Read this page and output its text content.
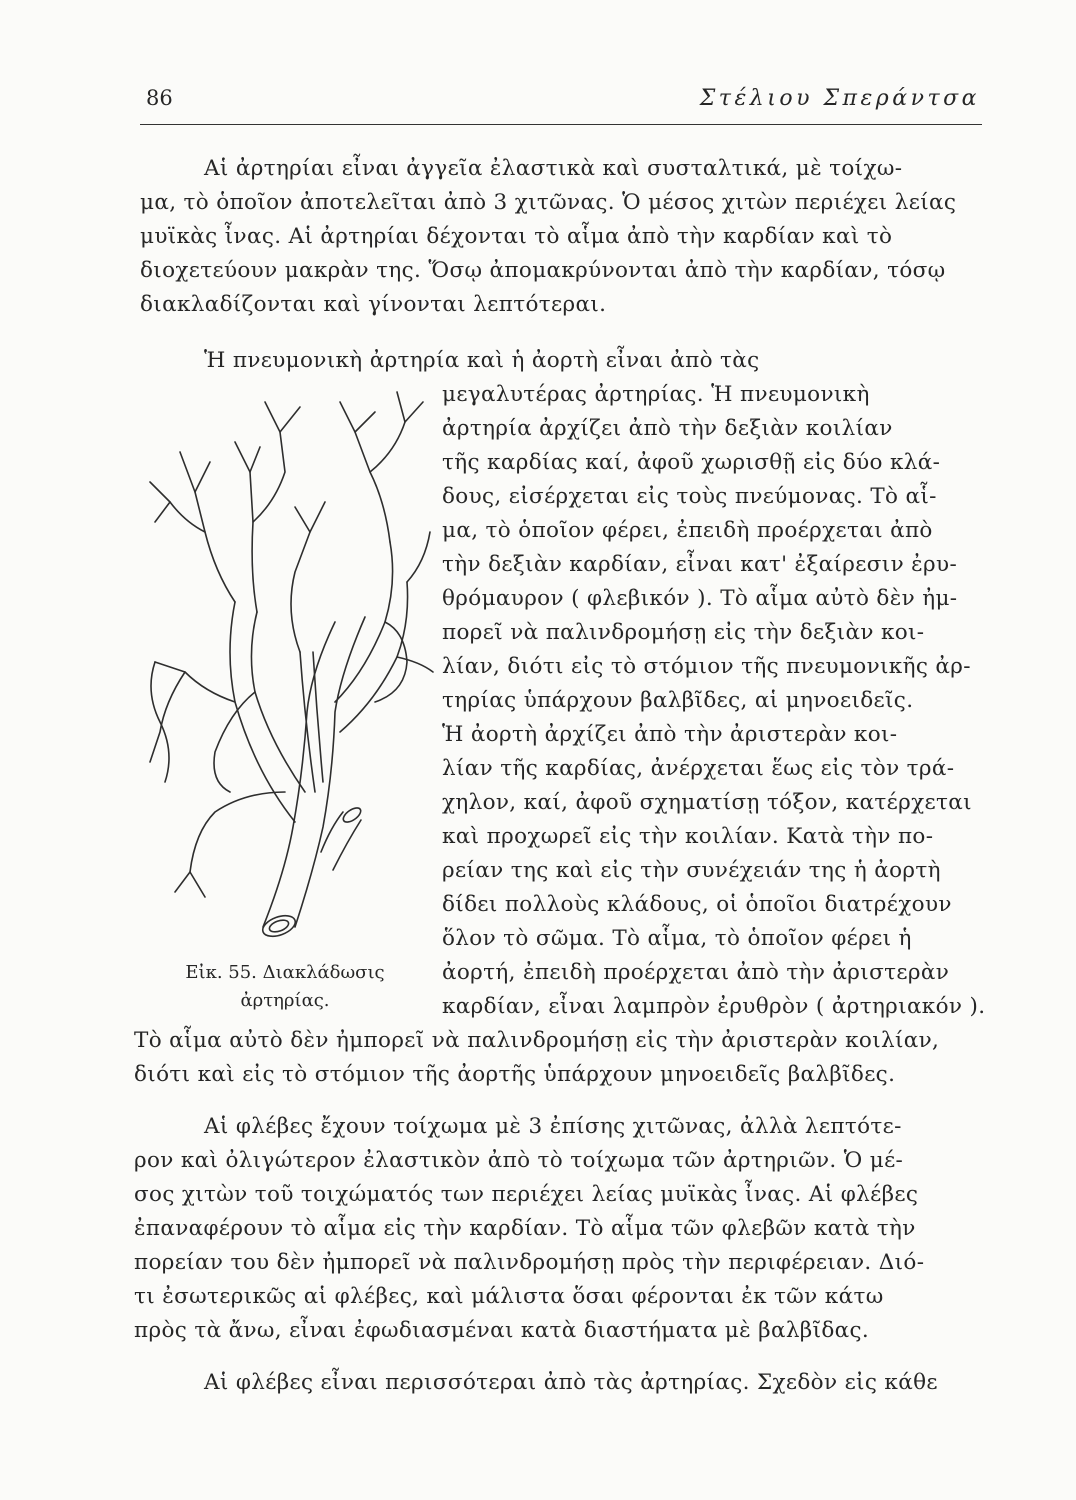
86	Στέλιου Σπεράντσα
Αἱ ἀρτηρίαι εἶναι ἀγγεῖα ἐλαστικὰ καὶ συσταλτικά, μὲ τοίχω-
μα, τὸ ὁποῖον ἀποτελεῖται ἀπὸ 3 χιτῶνας. Ὁ μέσος χιτὼν περιέχει λείας
μυϊκὰς ἶνας. Αἱ ἀρτηρίαι δέχονται τὸ αἷμα ἀπὸ τὴν καρδίαν καὶ τὸ
διοχετεύουν μακρὰν της. Ὅσῳ ἀπομακρύνονται ἀπὸ τὴν καρδίαν, τόσῳ
διακλαδίζονται καὶ γίνονται λεπτότεραι.
Ἡ πνευμονικὴ ἀρτηρία καὶ ἡ ἀορτὴ εἶναι ἀπὸ τὰς
μεγαλυτέρας ἀρτηρίας. Ἡ πνευμονικὴ
ἀρτηρία ἀρχίζει ἀπὸ τὴν δεξιὰν κοιλίαν
τῆς καρδίας καί, ἀφοῦ χωρισθῇ εἰς δύο κλά-
δους, εἰσέρχεται εἰς τοὺς πνεύμονας. Τὸ αἷ-
μα, τὸ ὁποῖον φέρει, ἐπειδὴ προέρχεται ἀπὸ
τὴν δεξιὰν καρδίαν, εἶναι κατ' ἐξαίρεσιν ἐρυ-
θρόμαυρον ( φλεβικόν ). Τὸ αἷμα αὐτὸ δὲν ἠμ-
πορεῖ νὰ παλινδρομήσῃ εἰς τὴν δεξιὰν κοι-
λίαν, διότι εἰς τὸ στόμιον τῆς πνευμονικῆς ἀρ-
τηρίας ὑπάρχουν βαλβῖδες, αἱ μηνοειδεῖς.
Ἡ ἀορτὴ ἀρχίζει ἀπὸ τὴν ἀριστερὰν κοι-
λίαν τῆς καρδίας, ἀνέρχεται ἕως εἰς τὸν τρά-
χηλον, καί, ἀφοῦ σχηματίσῃ τόξον, κατέρχεται
καὶ προχωρεῖ εἰς τὴν κοιλίαν. Κατὰ τὴν πο-
ρείαν της καὶ εἰς τὴν συνέχειάν της ἡ ἀορτὴ
δίδει πολλοὺς κλάδους, οἱ ὁποῖοι διατρέχουν
ὅλον τὸ σῶμα. Τὸ αἷμα, τὸ ὁποῖον φέρει ἡ
ἀορτή, ἐπειδὴ προέρχεται ἀπὸ τὴν ἀριστερὰν
καρδίαν, εἶναι λαμπρὸν ἐρυθρὸν ( ἀρτηριακόν ).
Τὸ αἷμα αὐτὸ δὲν ἠμπορεῖ νὰ παλινδρομήσῃ εἰς τὴν ἀριστερὰν κοιλίαν,
διότι καὶ εἰς τὸ στόμιον τῆς ἀορτῆς ὑπάρχουν μηνοειδεῖς βαλβῖδες.
Αἱ φλέβες ἔχουν τοίχωμα μὲ 3 ἐπίσης χιτῶνας, ἀλλὰ λεπτότε-
ρον καὶ ὀλιγώτερον ἐλαστικὸν ἀπὸ τὸ τοίχωμα τῶν ἀρτηριῶν. Ὁ μέ-
σος χιτὼν τοῦ τοιχώματός των περιέχει λείας μυϊκὰς ἶνας. Αἱ φλέβες
ἐπαναφέρουν τὸ αἷμα εἰς τὴν καρδίαν. Τὸ αἷμα τῶν φλεβῶν κατὰ τὴν
πορείαν του δὲν ἠμπορεῖ νὰ παλινδρομήσῃ πρὸς τὴν περιφέρειαν. Διό-
τι ἐσωτερικῶς αἱ φλέβες, καὶ μάλιστα ὅσαι φέρονται ἐκ τῶν κάτω
πρὸς τὰ ἄνω, εἶναι ἐφωδιασμέναι κατὰ διαστήματα μὲ βαλβῖδας.
Αἱ φλέβες εἶναι περισσότεραι ἀπὸ τὰς ἀρτηρίας. Σχεδὸν εἰς κάθε
Εἰκ. 55. Διακλάδωσις
ἀρτηρίας.
